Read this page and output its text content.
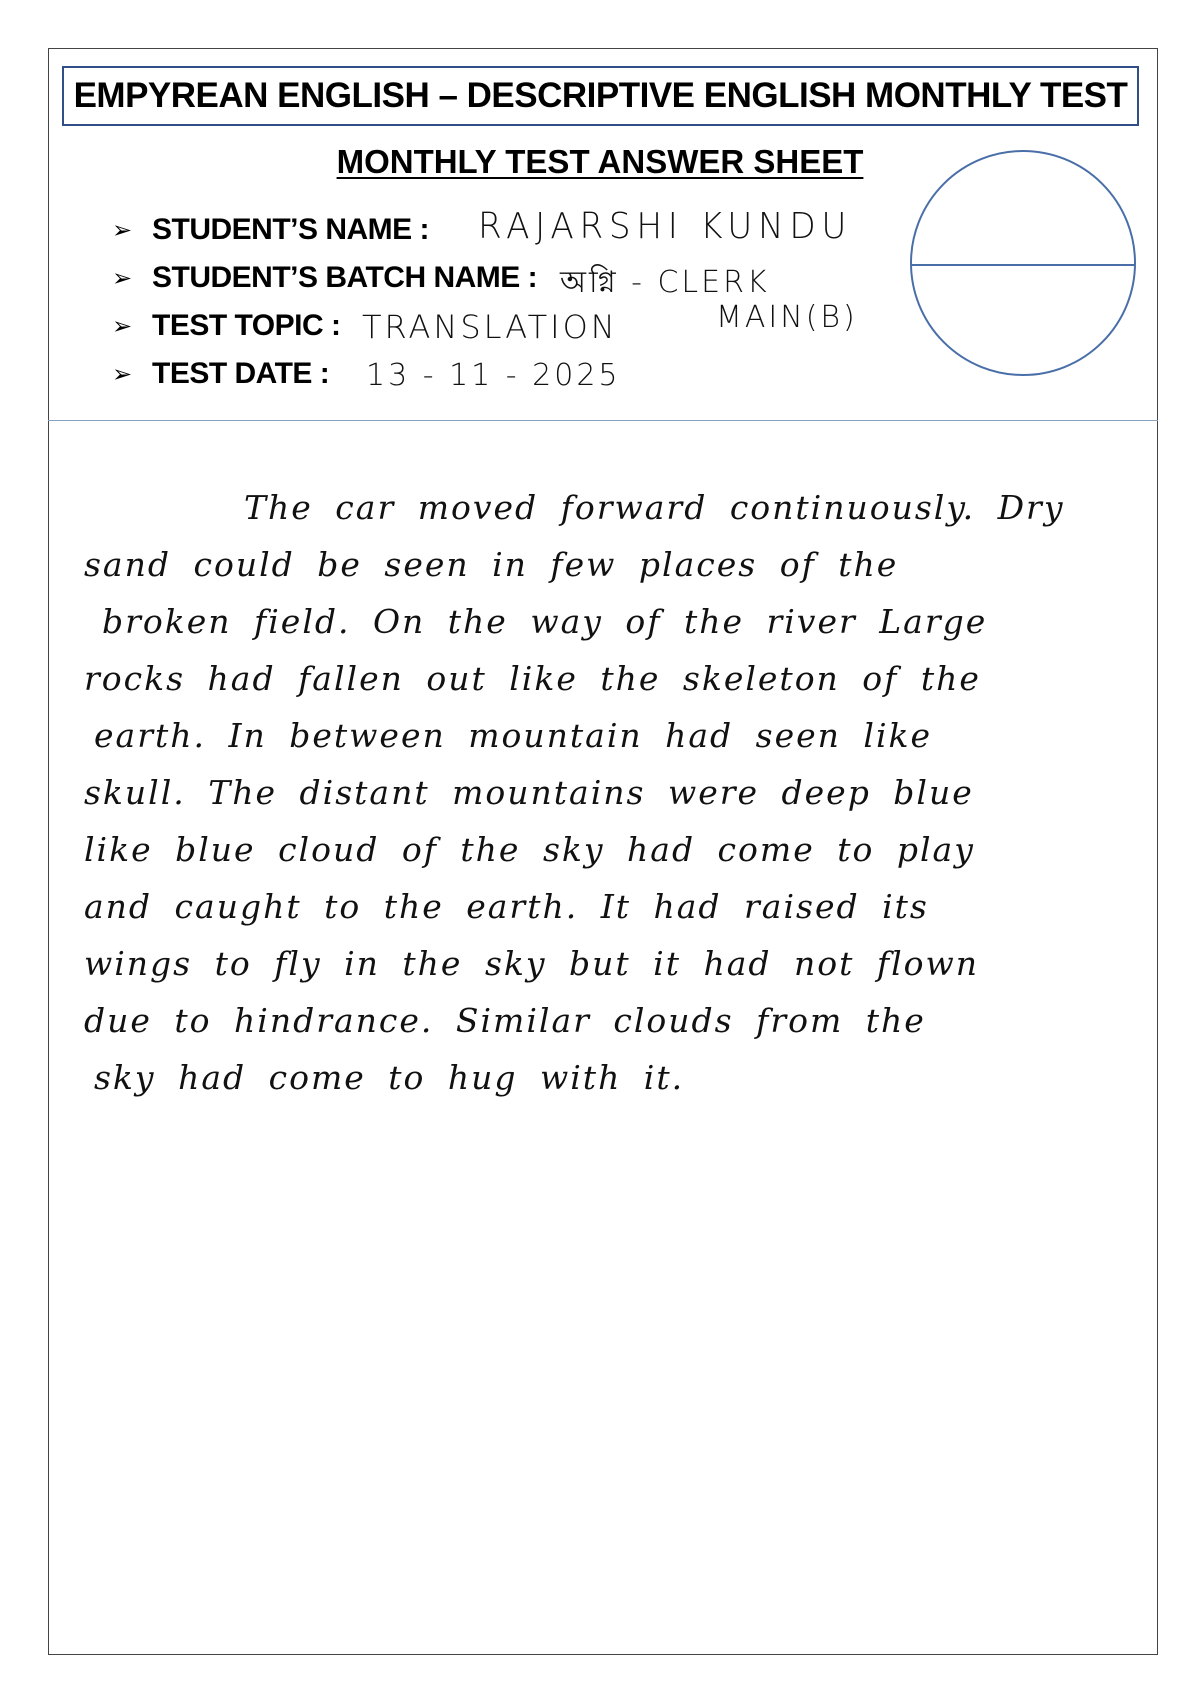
EMPYREAN ENGLISH – DESCRIPTIVE ENGLISH MONTHLY TEST
MONTHLY TEST ANSWER SHEET
➢ STUDENT’S NAME :
➢ STUDENT’S BATCH NAME :
➢ TEST TOPIC :
➢ TEST DATE :
RAJARSHI KUNDU
অগ্নি - CLERK
MAIN(B)
TRANSLATION
13 - 11 - 2025
The car moved forward continuously. Dry
sand could be seen in few places of the
broken field. On the way of the river Large
rocks had fallen out like the skeleton of the
earth. In between mountain had seen like
skull. The distant mountains were deep blue
like blue cloud of the sky had come to play
and caught to the earth. It had raised its
wings to fly in the sky but it had not flown
due to hindrance. Similar clouds from the
sky had come to hug with it.
